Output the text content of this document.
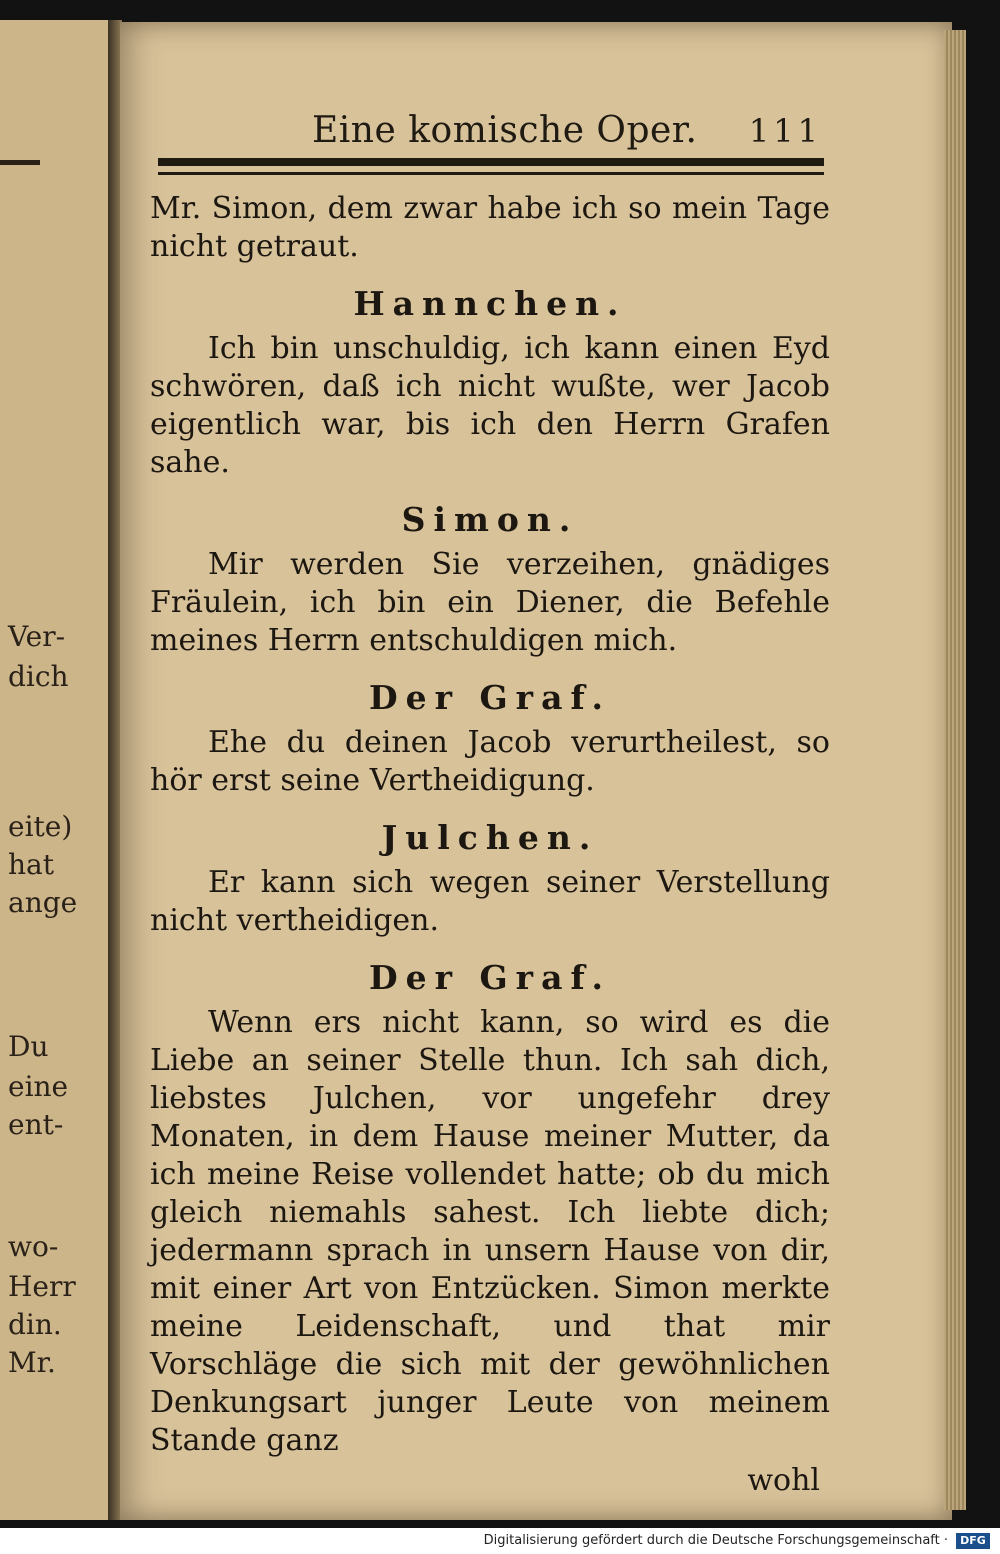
Ver-
dich
eite)
hat
ange
Du
eine
ent-
wo-
Herr
din.
Mr.
Eine komische Oper. 111

Mr. Simon, dem zwar habe ich so mein Tage nicht getraut.

Hannchen.

Ich bin unschuldig, ich kann einen Eyd schwören, daß ich nicht wußte, wer Jacob eigentlich war, bis ich den Herrn Grafen sahe.

Simon.

Mir werden Sie verzeihen, gnädiges Fräulein, ich bin ein Diener, die Befehle meines Herrn entschuldigen mich.

Der Graf.

Ehe du deinen Jacob verurtheilest, so hör erst seine Vertheidigung.

Julchen.

Er kann sich wegen seiner Verstellung nicht vertheidigen.

Der Graf.

Wenn ers nicht kann, so wird es die Liebe an seiner Stelle thun. Ich sah dich, liebstes Julchen, vor ungefehr drey Monaten, in dem Hause meiner Mutter, da ich meine Reise vollendet hatte; ob du mich gleich niemahls sahest. Ich liebte dich; jedermann sprach in unsern Hause von dir, mit einer Art von Entzücken. Simon merkte meine Leidenschaft, und that mir Vorschläge die sich mit der gewöhnlichen Denkungsart junger Leute von meinem Stande ganz

wohl
Digitalisierung gefördert durch die Deutsche Forschungsgemeinschaft ·	DFG
